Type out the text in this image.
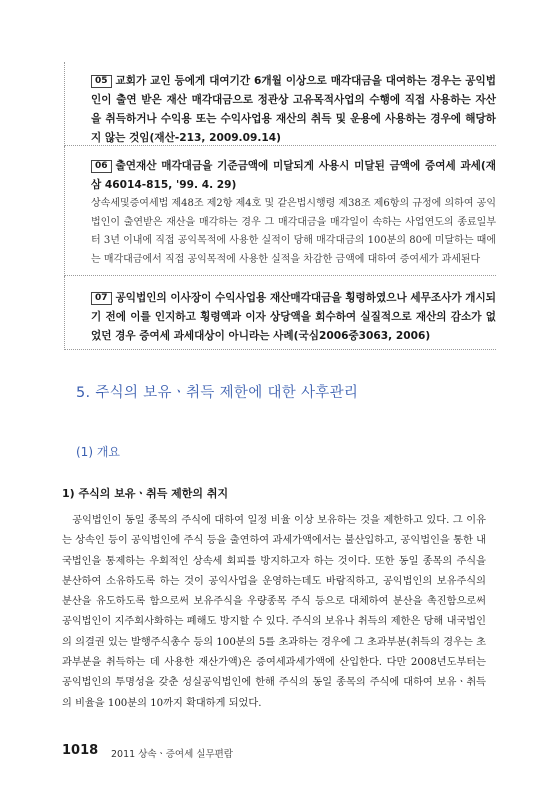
05 교회가 교인 등에게 대여기간 6개월 이상으로 매각대금을 대여하는 경우는 공익법인이 출연 받은 재산 매각대금으로 정관상 고유목적사업의 수행에 직접 사용하는 자산을 취득하거나 수익용 또는 수익사업용 재산의 취득 및 운용에 사용하는 경우에 해당하지 않는 것임(재산-213, 2009.09.14)

06 출연재산 매각대금을 기준금액에 미달되게 사용시 미달된 금액에 증여세 과세(재삼 46014-815, '99. 4. 29)

상속세및증여세법 제48조 제2항 제4호 및 같은법시행령 제38조 제6항의 규정에 의하여 공익법인이 출연받은 재산을 매각하는 경우 그 매각대금을 매각일이 속하는 사업연도의 종료일부터 3년 이내에 직접 공익목적에 사용한 실적이 당해 매각대금의 100분의 80에 미달하는 때에는 매각대금에서 직접 공익목적에 사용한 실적을 차감한 금액에 대하여 증여세가 과세된다

07 공익법인의 이사장이 수익사업용 재산매각대금을 횡령하였으나 세무조사가 개시되기 전에 이를 인지하고 횡령액과 이자 상당액을 회수하여 실질적으로 재산의 감소가 없었던 경우 증여세 과세대상이 아니라는 사례(국심2006중3063, 2006)

5. 주식의 보유ㆍ취득 제한에 대한 사후관리
(1) 개요
1) 주식의 보유ㆍ취득 제한의 취지

 공익법인이 동일 종목의 주식에 대하여 일정 비율 이상 보유하는 것을 제한하고 있다. 그 이유는 상속인 등이 공익법인에 주식 등을 출연하여 과세가액에서는 불산입하고, 공익법인을 통한 내국법인을 통제하는 우회적인 상속세 회피를 방지하고자 하는 것이다. 또한 동일 종목의 주식을 분산하여 소유하도록 하는 것이 공익사업을 운영하는데도 바람직하고, 공익법인의 보유주식의 분산을 유도하도록 함으로써 보유주식을 우량종목 주식 등으로 대체하여 분산을 촉진함으로써 공익법인이 지주회사화하는 폐해도 방지할 수 있다. 주식의 보유나 취득의 제한은 당해 내국법인의 의결권 있는 발행주식총수 등의 100분의 5를 초과하는 경우에 그 초과부분(취득의 경우는 초과부분을 취득하는 데 사용한 재산가액)은 증여세과세가액에 산입한다. 다만 2008년도부터는 공익법인의 투명성을 갖춘 성실공익법인에 한해 주식의 동일 종목의 주식에 대하여 보유ㆍ취득의 비율을 100분의 10까지 확대하게 되었다.

1018 2011 상속ㆍ증여세 실무편람
